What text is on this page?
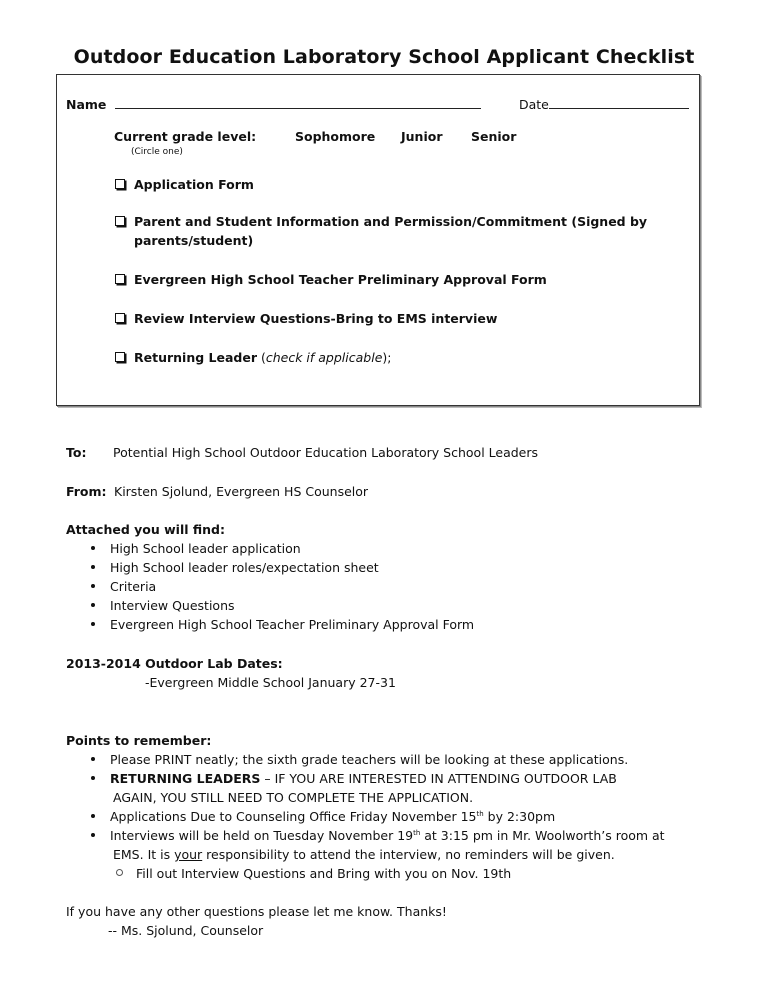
Outdoor Education Laboratory School Applicant Checklist
Name	Date
Current grade level:
(Circle one)
Sophomore Junior Senior
Application Form
Parent and Student Information and Permission/Commitment (Signed by
parents/student)
Evergreen High School Teacher Preliminary Approval Form
Review Interview Questions-Bring to EMS interview
Returning Leader (check if applicable);
To: Potential High School Outdoor Education Laboratory School Leaders
From: Kirsten Sjolund, Evergreen HS Counselor
Attached you will find:
High School leader application
High School leader roles/expectation sheet
Criteria
Interview Questions
Evergreen High School Teacher Preliminary Approval Form
2013-2014 Outdoor Lab Dates:
-Evergreen Middle School January 27-31
Points to remember:
Please PRINT neatly; the sixth grade teachers will be looking at these applications.
RETURNING LEADERS – IF YOU ARE INTERESTED IN ATTENDING OUTDOOR LAB
AGAIN, YOU STILL NEED TO COMPLETE THE APPLICATION.
Applications Due to Counseling Office Friday November 15th by 2:30pm
Interviews will be held on Tuesday November 19th at 3:15 pm in Mr. Woolworth’s room at
EMS. It is your responsibility to attend the interview, no reminders will be given.
Fill out Interview Questions and Bring with you on Nov. 19th
If you have any other questions please let me know. Thanks!
-- Ms. Sjolund, Counselor
